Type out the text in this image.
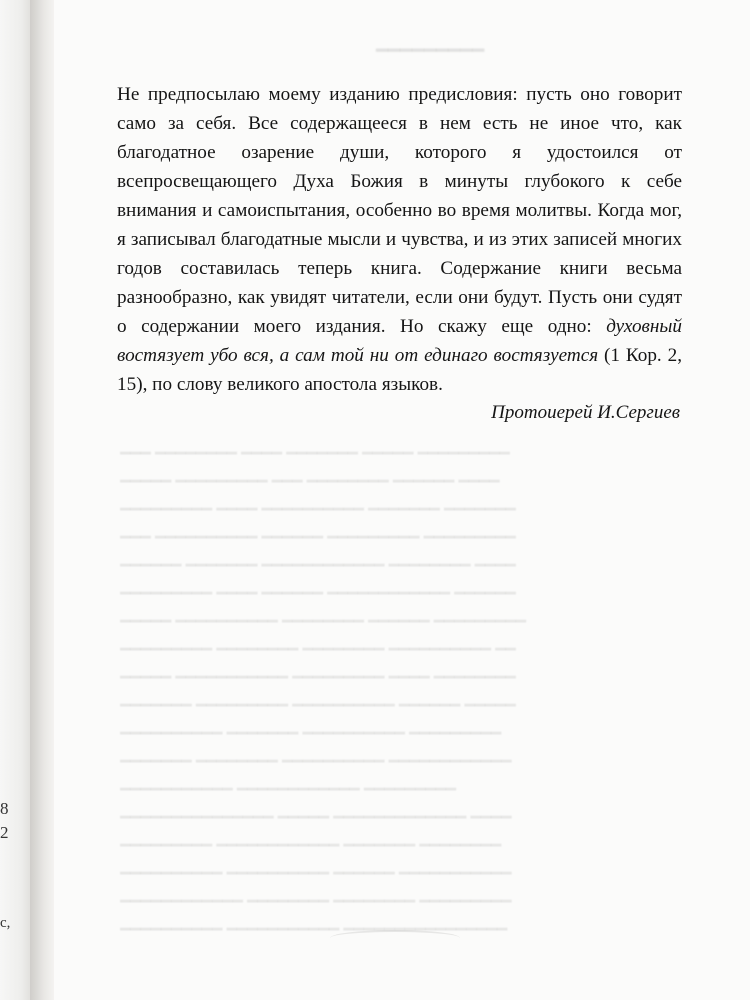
8
2
c,
━━━━━━━━━
━━━ ━━━━━━━━ ━━━━ ━━━━━━━ ━━━━━ ━━━━━━━━━
━━━━━ ━━━━━━━━━ ━━━ ━━━━━━━━ ━━━━━━ ━━━━
━━━━━━━━━ ━━━━ ━━━━━━━━━━ ━━━━━━━ ━━━━━━━
━━━ ━━━━━━━━━━ ━━━━━━ ━━━━━━━━━ ━━━━━━━━━
━━━━━━ ━━━━━━━ ━━━━━━━━━━━━ ━━━━━━━━ ━━━━
━━━━━━━━━ ━━━━ ━━━━━━ ━━━━━━━━━━━━ ━━━━━━
━━━━━ ━━━━━━━━━━ ━━━━━━━━ ━━━━━━ ━━━━━━━━━
━━━━━━━━━ ━━━━━━━━ ━━━━━━━━ ━━━━━━━━━━ ━━
━━━━━ ━━━━━━━━━━━ ━━━━━━━━━ ━━━━ ━━━━━━━━
━━━━━━━ ━━━━━━━━━ ━━━━━━━━━━ ━━━━━━ ━━━━━
━━━━━━━━━━ ━━━━━━━ ━━━━━━━━━━ ━━━━━━━━━
━━━━━━━ ━━━━━━━━ ━━━━━━━━━━ ━━━━━━━━━━━━
━━━━━━━━━━━ ━━━━━━━━━━━━ ━━━━━━━━━
━━━━━━━━━━━━━━━ ━━━━━ ━━━━━━━━━━━━━ ━━━━
━━━━━━━━━ ━━━━━━━━━━━━ ━━━━━━━ ━━━━━━━━
━━━━━━━━━━ ━━━━━━━━━━ ━━━━━━ ━━━━━━━━━━━
━━━━━━━━━━━━ ━━━━━━━━ ━━━━━━━━ ━━━━━━━━━
━━━━━━━━━━ ━━━━━━━━━━━ ━━━━━━━━━━━━━━━━

Не предпосылаю моему изданию предисловия: пусть оно говорит само за себя. Все содержащееся в нем есть не иное что, как благодатное озарение души, которого я удостоился от всепросвещающего Духа Божия в минуты глубокого к себе внимания и самоиспытания, особенно во время молитвы. Когда мог, я записывал благодатные мысли и чувства, и из этих записей многих годов составилась теперь книга. Содержание книги весьма разнообразно, как увидят читатели, если они будут. Пусть они судят о содержании моего издания. Но скажу еще одно: духовный востязует убо вся, а сам той ни от единаго востязуется (1 Кор. 2, 15), по слову великого апостола языков.

Протоиерей И.Сергиев
